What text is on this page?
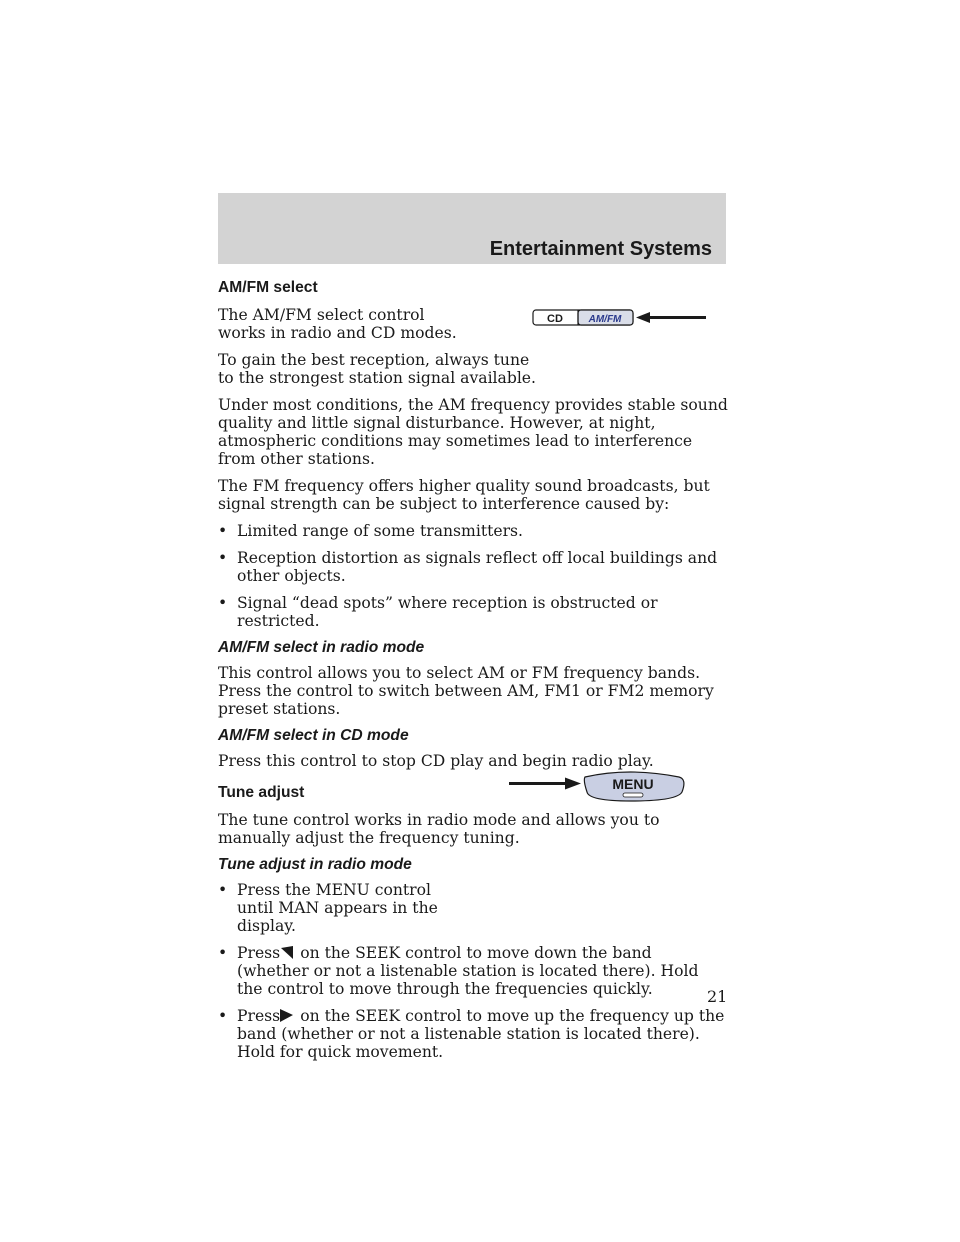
Entertainment Systems
CD	AM/FM
MENU
AM/FM select

The AM/FM select control works in radio and CD modes.

To gain the best reception, always tune to the strongest station signal available.

Under most conditions, the AM frequency provides stable sound quality and little signal disturbance. However, at night, atmospheric conditions may sometimes lead to interference from other stations.

The FM frequency offers higher quality sound broadcasts, but signal strength can be subject to interference caused by:

• Limited range of some transmitters.
• Reception distortion as signals reflect off local buildings and other objects.
• Signal “dead spots” where reception is obstructed or restricted.
AM/FM select in radio mode

This control allows you to select AM or FM frequency bands. Press the control to switch between AM, FM1 or FM2 memory preset stations.

AM/FM select in CD mode

Press this control to stop CD play and begin radio play.

Tune adjust

The tune control works in radio mode and allows you to manually adjust the frequency tuning.

Tune adjust in radio mode
• Press the MENU control until MAN appears in the display.
• Press on the SEEK control to move down the band (whether or not a listenable station is located there). Hold the control to move through the frequencies quickly.
• Press on the SEEK control to move up the frequency up the band (whether or not a listenable station is located there). Hold for quick movement.
21
